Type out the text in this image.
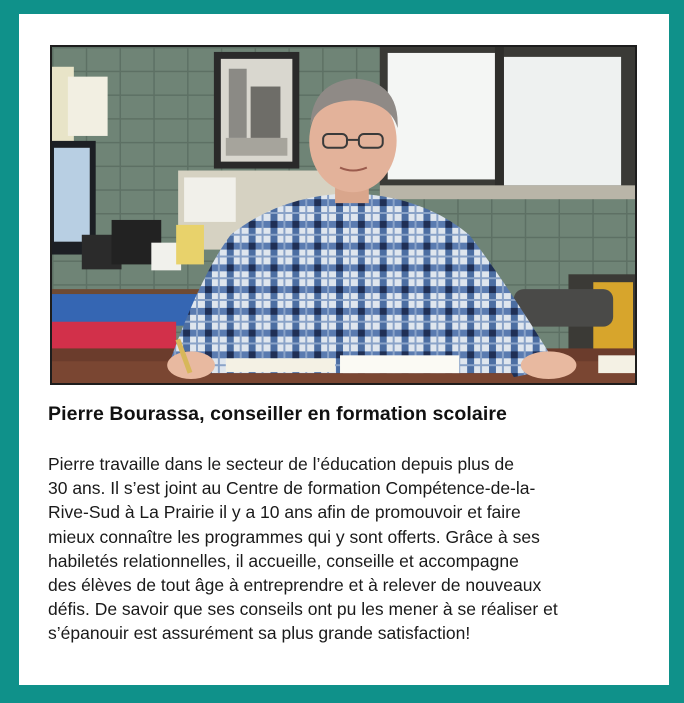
Pierre Bourassa, conseiller en formation scolaire
Pierre travaille dans le secteur de l’éducation depuis plus de
30 ans. Il s’est joint au Centre de formation Compétence-de-la-
Rive-Sud à La Prairie il y a 10 ans afin de promouvoir et faire
mieux connaître les programmes qui y sont offerts. Grâce à ses
habiletés relationnelles, il accueille, conseille et accompagne
des élèves de tout âge à entreprendre et à relever de nouveaux
défis. De savoir que ses conseils ont pu les mener à se réaliser et
s’épanouir est assurément sa plus grande satisfaction!
